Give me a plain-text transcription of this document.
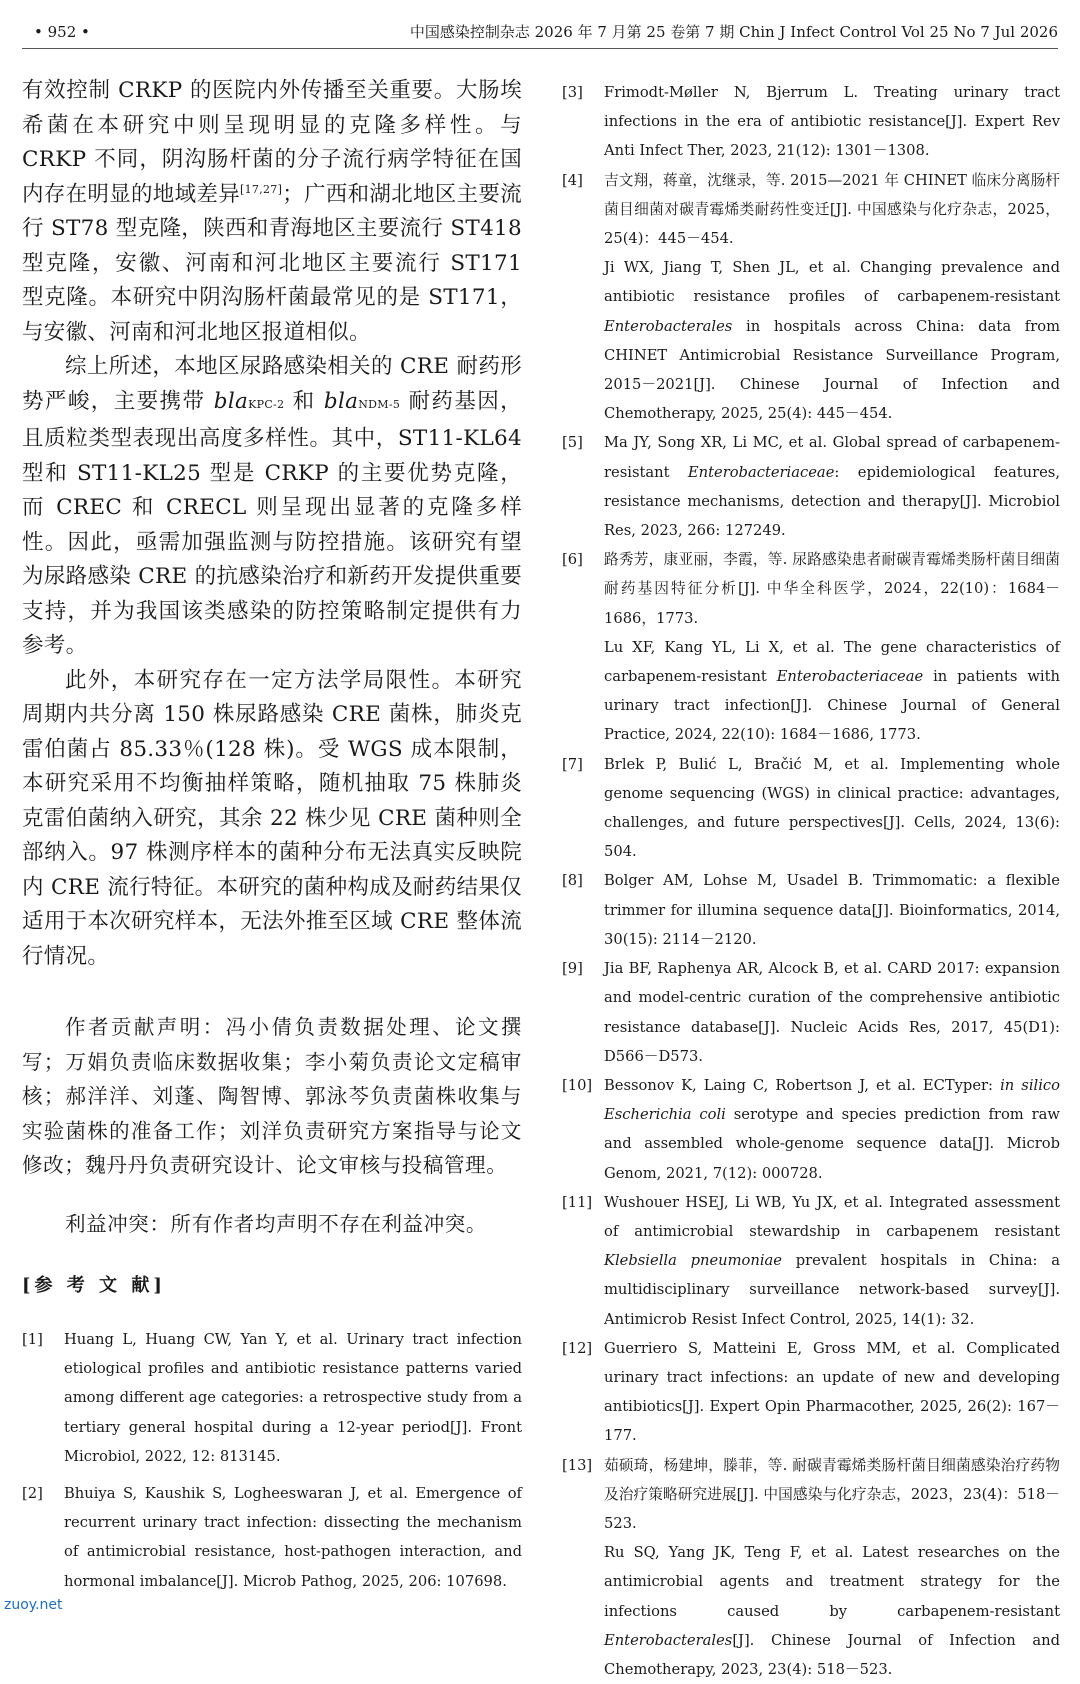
• 952 •	中国感染控制杂志 2026 年 7 月第 25 卷第 7 期 Chin J Infect Control Vol 25 No 7 Jul 2026

有效控制 CRKP 的医院内外传播至关重要。大肠埃希菌在本研究中则呈现明显的克隆多样性。与 CRKP 不同，阴沟肠杆菌的分子流行病学特征在国内存在明显的地域差异[17,27]；广西和湖北地区主要流行 ST78 型克隆，陕西和青海地区主要流行 ST418 型克隆，安徽、河南和河北地区主要流行 ST171 型克隆。本研究中阴沟肠杆菌最常见的是 ST171，与安徽、河南和河北地区报道相似。

综上所述，本地区尿路感染相关的 CRE 耐药形势严峻，主要携带 blaKPC-2 和 blaNDM-5 耐药基因，且质粒类型表现出高度多样性。其中，ST11-KL64 型和 ST11-KL25 型是 CRKP 的主要优势克隆，而 CREC 和 CRECL 则呈现出显著的克隆多样性。因此，亟需加强监测与防控措施。该研究有望为尿路感染 CRE 的抗感染治疗和新药开发提供重要支持，并为我国该类感染的防控策略制定提供有力参考。

此外，本研究存在一定方法学局限性。本研究周期内共分离 150 株尿路感染 CRE 菌株，肺炎克雷伯菌占 85.33％(128 株)。受 WGS 成本限制，本研究采用不均衡抽样策略，随机抽取 75 株肺炎克雷伯菌纳入研究，其余 22 株少见 CRE 菌种则全部纳入。97 株测序样本的菌种分布无法真实反映院内 CRE 流行特征。本研究的菌种构成及耐药结果仅适用于本次研究样本，无法外推至区域 CRE 整体流行情况。

作者贡献声明：冯小倩负责数据处理、论文撰写；万娟负责临床数据收集；李小菊负责论文定稿审核；郝洋洋、刘蓬、陶智博、郭泳芩负责菌株收集与实验菌株的准备工作；刘洋负责研究方案指导与论文修改；魏丹丹负责研究设计、论文审核与投稿管理。

利益冲突：所有作者均声明不存在利益冲突。

[参 考 文 献]

[1] Huang L, Huang CW, Yan Y, et al. Urinary tract infection etiological profiles and antibiotic resistance patterns varied among different age categories: a retrospective study from a tertiary general hospital during a 12-year period[J]. Front Microbiol, 2022, 12: 813145.
[2] Bhuiya S, Kaushik S, Logheeswaran J, et al. Emergence of recurrent urinary tract infection: dissecting the mechanism of antimicrobial resistance, host-pathogen interaction, and hormonal imbalance[J]. Microb Pathog, 2025, 206: 107698.
[3] Frimodt-Møller N, Bjerrum L. Treating urinary tract infections in the era of antibiotic resistance[J]. Expert Rev Anti Infect Ther, 2023, 21(12): 1301－1308.
[4] 吉文翔，蒋童，沈继录，等. 2015—2021 年 CHINET 临床分离肠杆菌目细菌对碳青霉烯类耐药性变迁[J]. 中国感染与化疗杂志，2025，25(4)：445－454.
Ji WX, Jiang T, Shen JL, et al. Changing prevalence and antibiotic resistance profiles of carbapenem-resistant Enterobacterales in hospitals across China: data from CHINET Antimicrobial Resistance Surveillance Program, 2015－2021[J]. Chinese Journal of Infection and Chemotherapy, 2025, 25(4): 445－454.
[5] Ma JY, Song XR, Li MC, et al. Global spread of carbapenem-resistant Enterobacteriaceae: epidemiological features, resistance mechanisms, detection and therapy[J]. Microbiol Res, 2023, 266: 127249.
[6] 路秀芳，康亚丽，李霞，等. 尿路感染患者耐碳青霉烯类肠杆菌目细菌耐药基因特征分析[J]. 中华全科医学，2024，22(10)：1684－1686，1773.
Lu XF, Kang YL, Li X, et al. The gene characteristics of carbapenem-resistant Enterobacteriaceae in patients with urinary tract infection[J]. Chinese Journal of General Practice, 2024, 22(10): 1684－1686, 1773.
[7] Brlek P, Bulić L, Bračić M, et al. Implementing whole genome sequencing (WGS) in clinical practice: advantages, challenges, and future perspectives[J]. Cells, 2024, 13(6): 504.
[8] Bolger AM, Lohse M, Usadel B. Trimmomatic: a flexible trimmer for illumina sequence data[J]. Bioinformatics, 2014, 30(15): 2114－2120.
[9] Jia BF, Raphenya AR, Alcock B, et al. CARD 2017: expansion and model-centric curation of the comprehensive antibiotic resistance database[J]. Nucleic Acids Res, 2017, 45(D1): D566－D573.
[10] Bessonov K, Laing C, Robertson J, et al. ECTyper: in silico Escherichia coli serotype and species prediction from raw and assembled whole-genome sequence data[J]. Microb Genom, 2021, 7(12): 000728.
[11] Wushouer HSEJ, Li WB, Yu JX, et al. Integrated assessment of antimicrobial stewardship in carbapenem resistant Klebsiella pneumoniae prevalent hospitals in China: a multidisciplinary surveillance network-based survey[J]. Antimicrob Resist Infect Control, 2025, 14(1): 32.
[12] Guerriero S, Matteini E, Gross MM, et al. Complicated urinary tract infections: an update of new and developing antibiotics[J]. Expert Opin Pharmacother, 2025, 26(2): 167－177.
[13] 茹硕琦，杨建坤，滕菲，等. 耐碳青霉烯类肠杆菌目细菌感染治疗药物及治疗策略研究进展[J]. 中国感染与化疗杂志，2023，23(4)：518－523.
Ru SQ, Yang JK, Teng F, et al. Latest researches on the antimicrobial agents and treatment strategy for the infections caused by carbapenem-resistant Enterobacterales[J]. Chinese Journal of Infection and Chemotherapy, 2023, 23(4): 518－523.
zuoy.net
